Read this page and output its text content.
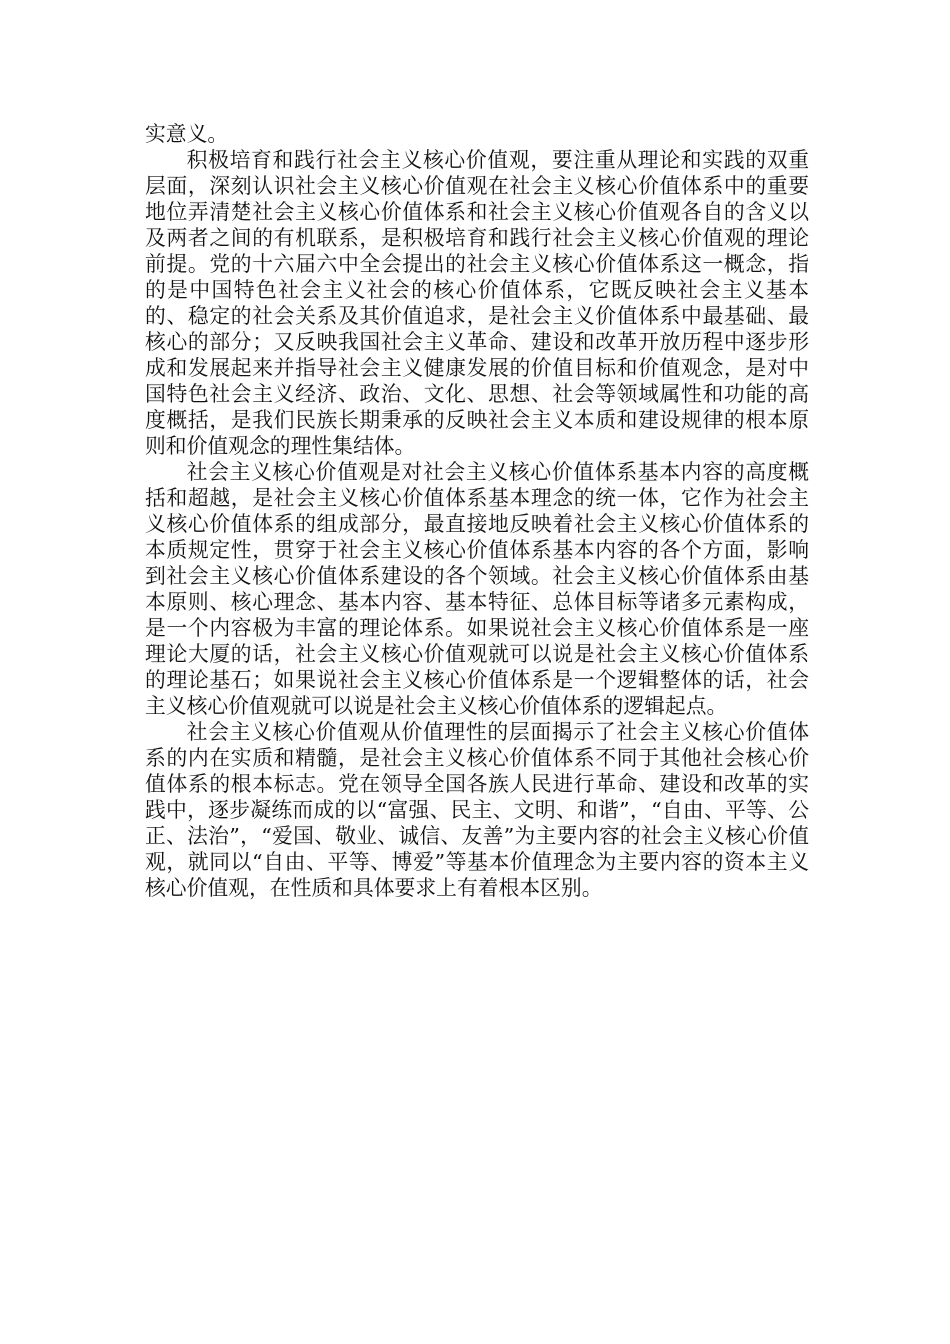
实意义。

积极培育和践行社会主义核心价值观，要注重从理论和实践的双重层面，深刻认识社会主义核心价值观在社会主义核心价值体系中的重要地位弄清楚社会主义核心价值体系和社会主义核心价值观各自的含义以及两者之间的有机联系，是积极培育和践行社会主义核心价值观的理论前提。党的十六届六中全会提出的社会主义核心价值体系这一概念，指的是中国特色社会主义社会的核心价值体系，它既反映社会主义基本的、稳定的社会关系及其价值追求，是社会主义价值体系中最基础、最核心的部分；又反映我国社会主义革命、建设和改革开放历程中逐步形成和发展起来并指导社会主义健康发展的价值目标和价值观念，是对中国特色社会主义经济、政治、文化、思想、社会等领域属性和功能的高度概括，是我们民族长期秉承的反映社会主义本质和建设规律的根本原则和价值观念的理性集结体。

社会主义核心价值观是对社会主义核心价值体系基本内容的高度概括和超越，是社会主义核心价值体系基本理念的统一体，它作为社会主义核心价值体系的组成部分，最直接地反映着社会主义核心价值体系的本质规定性，贯穿于社会主义核心价值体系基本内容的各个方面，影响到社会主义核心价值体系建设的各个领域。社会主义核心价值体系由基本原则、核心理念、基本内容、基本特征、总体目标等诸多元素构成，是一个内容极为丰富的理论体系。如果说社会主义核心价值体系是一座理论大厦的话，社会主义核心价值观就可以说是社会主义核心价值体系的理论基石；如果说社会主义核心价值体系是一个逻辑整体的话，社会主义核心价值观就可以说是社会主义核心价值体系的逻辑起点。

社会主义核心价值观从价值理性的层面揭示了社会主义核心价值体系的内在实质和精髓，是社会主义核心价值体系不同于其他社会核心价值体系的根本标志。党在领导全国各族人民进行革命、建设和改革的实践中，逐步凝练而成的以“富强、民主、文明、和谐”，“自由、平等、公正、法治”，“爱国、敬业、诚信、友善”为主要内容的社会主义核心价值观，就同以“自由、平等、博爱”等基本价值理念为主要内容的资本主义核心价值观，在性质和具体要求上有着根本区别。
